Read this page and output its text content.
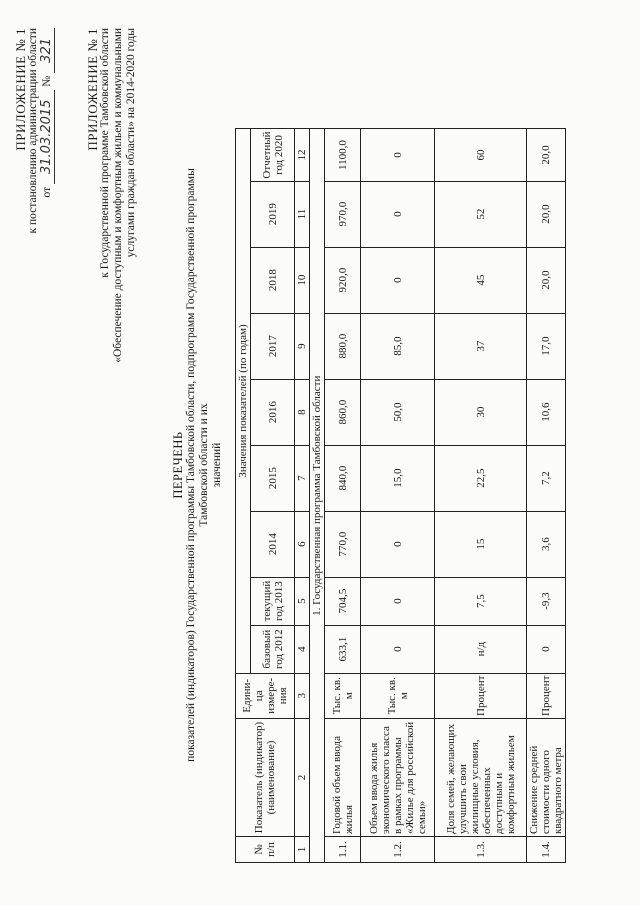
ПРИЛОЖЕНИЕ № 1 к постановлению администрации области от 31.03.2015 № 321 ПРИЛОЖЕНИЕ № 1 к Государственной программе Тамбовской области «Обеспечение доступным и комфортным жильем и коммунальными услугами граждан области» на 2014-2020 годы
ПЕРЕЧЕНЬ показателей (индикаторов) Государственной программы Тамбовской области, подпрограмм Государственной программы Тамбовской области и их значений
№ п/п	Показатель (индикатор) (наименование)	Едини-ца измере-ния	Значения показателей (по годам)								
			базовый год 2012	текущий год 2013	2014	2015	2016	2017	2018	2019	Отчетный год 2020
1	2	3	4	5	6	7	8	9	10	11	12
1. Государственная программа Тамбовской области											
1.1.	Годовой объем ввода жилья	Тыс. кв. м	633,1	704,5	770,0	840,0	860,0	880,0	920,0	970,0	1100,0
1.2.	Объем ввода жилья экономического класса в рамках программы «Жилье для российской семьи»	Тыс. кв. м	0	0	0	15,0	50,0	85,0	0	0	0
1.3.	Доля семей, желающих улучшить свои жилищные условия, обеспеченных доступным и комфортным жильем	Процент	н/д	7,5	15	22,5	30	37	45	52	60
1.4.	Снижение средней стоимости одного квадратного метра	Процент	0	-9,3	3,6	7,2	10,6	17,0	20,0	20,0	20,0
